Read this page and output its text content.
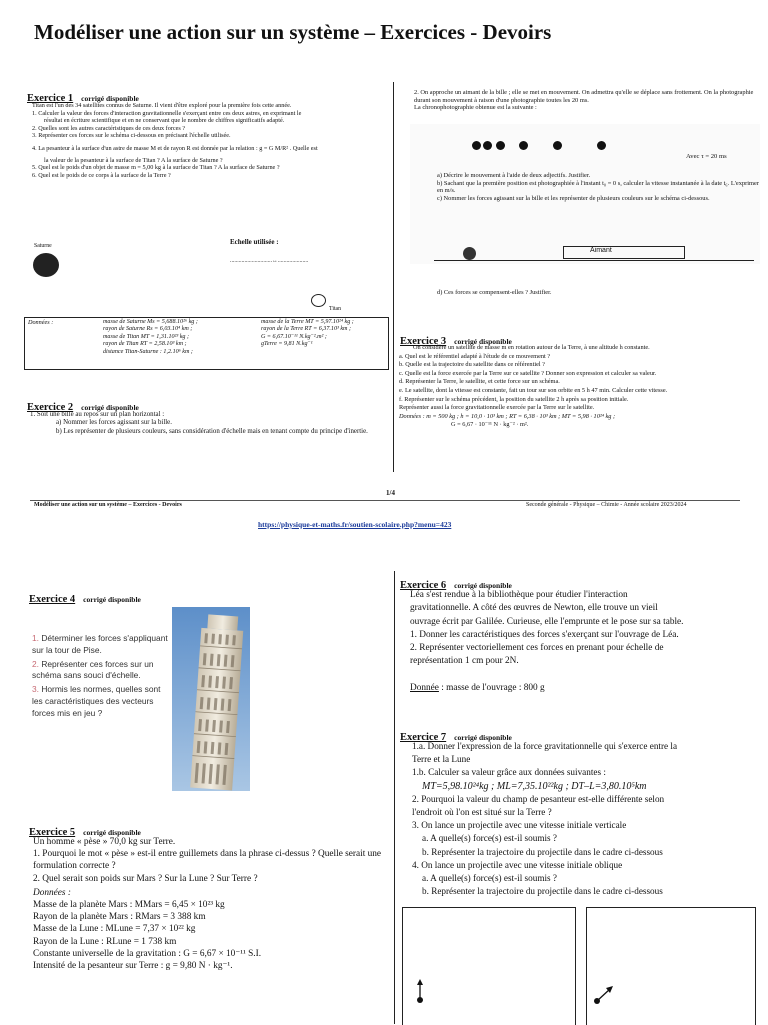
Modéliser une action sur un système – Exercices - Devoirs
Exercice 1 corrigé disponible
Titan est l'un des 34 satellites connus de Saturne. Il vient d'être exploré pour la première fois cette année.
1. Calculer la valeur des forces d'interaction gravitationnelle s'exerçant entre ces deux astres, en exprimant le
résultat en écriture scientifique et en ne conservant que le nombre de chiffres significatifs adapté.
2. Quelles sont les autres caractéristiques de ces deux forces ?
3. Représenter ces forces sur le schéma ci-dessous en précisant l'échelle utilisée.
4. La pesanteur à la surface d'un astre de masse M et de rayon R est donnée par la relation : g = G M/R² . Quelle est
la valeur de la pesanteur à la surface de Titan ? A la surface de Saturne ?
5. Quel est le poids d'un objet de masse m = 5,00 kg à la surface de Titan ? A la surface de Saturne ?
6. Quel est le poids de ce corps à la surface de la Terre ?
Saturne	Echelle utilisée :
.............................↔.....................
Titan
Données :	masse de Saturne Ms = 5,688.10²⁶ kg ;
rayon de Saturne Rs = 6,03.10⁴ km ;
masse de Titan MT = 1,31.10²³ kg ;
rayon de Titan RT = 2,58.10³ km ;
distance Titan-Saturne : 1,2.10⁶ km ;
masse de la Terre MT = 5,97.10²⁴ kg ;
rayon de la Terre RT = 6,37.10³ km ;
G = 6,67.10⁻¹¹ N.kg⁻².m² ;
gTerre = 9,81 N.kg⁻¹
2. On approche un aimant de la bille ; elle se met en mouvement. On admettra qu'elle se déplace sans frottement. On la photographie durant son mouvement à raison d'une photographie toutes les 20 ms.
La chronophotographie obtenue est la suivante :
Avec τ = 20 ms
a) Décrire le mouvement à l'aide de deux adjectifs. Justifier.
b) Sachant que la première position est photographiée à l'instant t₀ = 0 s, calculer la vitesse instantanée à la date t₆. L'exprimer en m/s.
c) Nommer les forces agissant sur la bille et les représenter de plusieurs couleurs sur le schéma ci-dessous.
Aimant
d) Ces forces se compensent-elles ? Justifier.
Exercice 2 corrigé disponible
1. Soit une bille au repos sur un plan horizontal :
a) Nommer les forces agissant sur la bille.
b) Les représenter de plusieurs couleurs, sans considération d'échelle mais en tenant compte du principe d'inertie.
Exercice 3 corrigé disponible
On considère un satellite de masse m en rotation autour de la Terre, à une altitude h constante.
a. Quel est le référentiel adapté à l'étude de ce mouvement ?
b. Quelle est la trajectoire du satellite dans ce référentiel ?
c. Quelle est la force exercée par la Terre sur ce satellite ? Donner son expression et calculer sa valeur.
d. Représenter la Terre, le satellite, et cette force sur un schéma.
e. Le satellite, dont la vitesse est constante, fait un tour sur son orbite en 5 h 47 min. Calculer cette vitesse.
f. Représenter sur le schéma précédent, la position du satellite 2 h après sa position initiale.
Représenter aussi la force gravitationnelle exercée par la Terre sur le satellite.
Données : m = 500 kg ; h = 10,0 · 10³ km ; RT = 6,38 · 10³ km ; MT = 5,98 · 10²⁴ kg ;
G = 6,67 · 10⁻¹¹ N · kg⁻² · m².
1/4
Modéliser une action sur un système – Exercices - Devoirs	Seconde générale - Physique – Chimie - Année scolaire 2023/2024
https://physique-et-maths.fr/soutien-scolaire.php?menu=423
Exercice 4 corrigé disponible
1. Déterminer les forces s'appliquant sur la tour de Pise.
2. Représenter ces forces sur un schéma sans souci d'échelle.
3. Hormis les normes, quelles sont les caractéristiques des vecteurs forces mis en jeu ?
Exercice 5 corrigé disponible
Un homme « pèse » 70,0 kg sur Terre.
1. Pourquoi le mot « pèse » est-il entre guillemets dans la phrase ci-dessus ? Quelle serait une formulation correcte ?
2. Quel serait son poids sur Mars ? Sur la Lune ? Sur Terre ?
Données :
Masse de la planète Mars : MMars = 6,45 × 10²³ kg
Rayon de la planète Mars : RMars = 3 388 km
Masse de la Lune : MLune = 7,37 × 10²² kg
Rayon de la Lune : RLune = 1 738 km
Constante universelle de la gravitation : G = 6,67 × 10⁻¹¹ S.I.
Intensité de la pesanteur sur Terre : g = 9,80 N · kg⁻¹.
Exercice 6 corrigé disponible
Léa s'est rendue à la bibliothèque pour étudier l'interaction
gravitationnelle. A côté des œuvres de Newton, elle trouve un vieil
ouvrage écrit par Galilée. Curieuse, elle l'emprunte et le pose sur sa table.
1. Donner les caractéristiques des forces s'exerçant sur l'ouvrage de Léa.
2. Représenter vectoriellement ces forces en prenant pour échelle de
représentation 1 cm pour 2N.
Donnée : masse de l'ouvrage : 800 g
Exercice 7 corrigé disponible
1.a. Donner l'expression de la force gravitationnelle qui s'exerce entre la
Terre et la Lune
1.b. Calculer sa valeur grâce aux données suivantes :
MT=5,98.10²⁴kg ; ML=7,35.10²²kg ; DT–L=3,80.10⁵km
2. Pourquoi la valeur du champ de pesanteur est-elle différente selon
l'endroit où l'on est situé sur la Terre ?
3. On lance un projectile avec une vitesse initiale verticale
a. A quelle(s) force(s) est-il soumis ?
b. Représenter la trajectoire du projectile dans le cadre ci-dessous
4. On lance un projectile avec une vitesse initiale oblique
a. A quelle(s) force(s) est-il soumis ?
b. Représenter la trajectoire du projectile dans le cadre ci-dessous
